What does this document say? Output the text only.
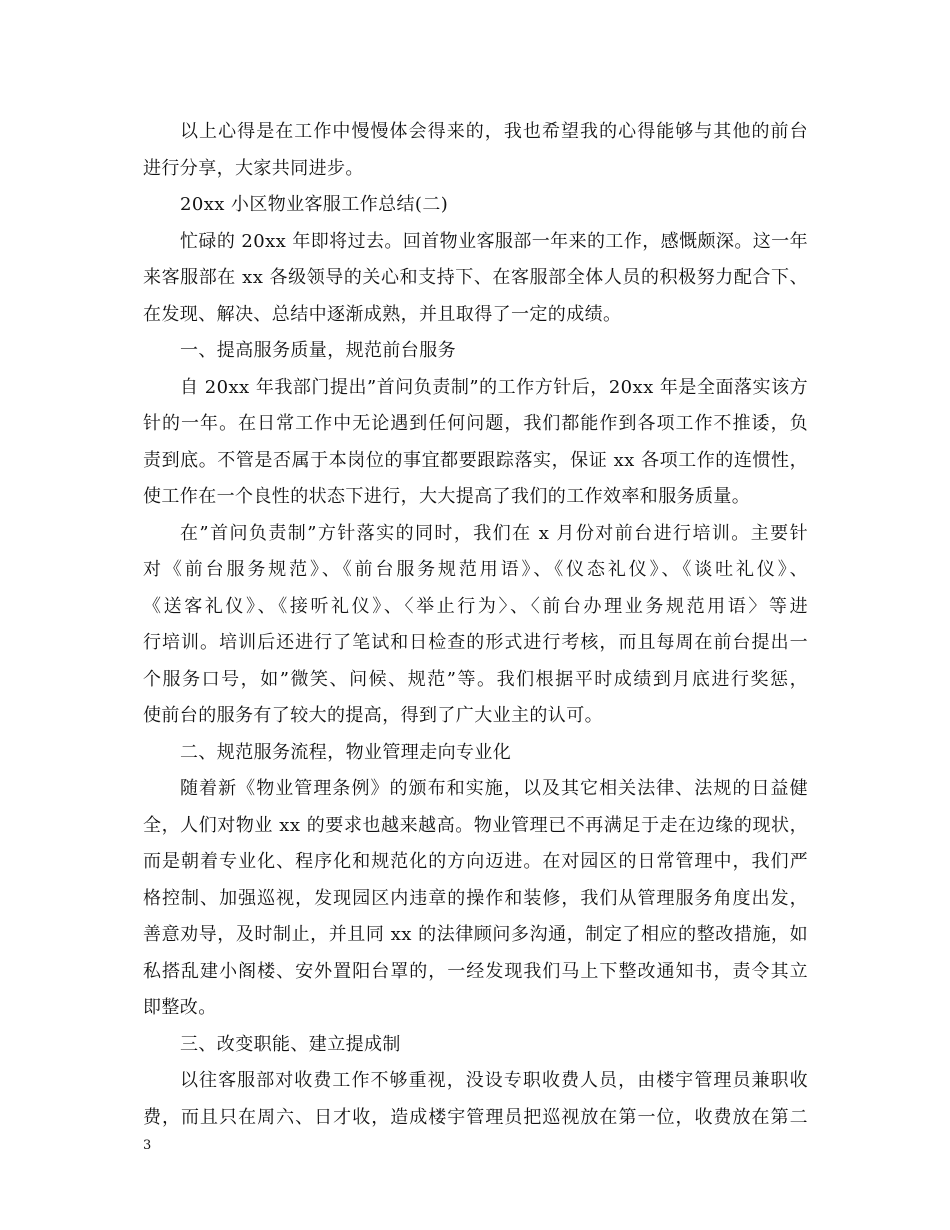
以上心得是在工作中慢慢体会得来的，我也希望我的心得能够与其他的前台
进行分享，大家共同进步。
20xx 小区物业客服工作总结(二)
忙碌的 20xx 年即将过去。回首物业客服部一年来的工作，感慨颇深。这一年
来客服部在 xx 各级领导的关心和支持下、在客服部全体人员的积极努力配合下、
在发现、解决、总结中逐渐成熟，并且取得了一定的成绩。
一、提高服务质量，规范前台服务
自 20xx 年我部门提出”首问负责制”的工作方针后，20xx 年是全面落实该方
针的一年。在日常工作中无论遇到任何问题，我们都能作到各项工作不推诿，负
责到底。不管是否属于本岗位的事宜都要跟踪落实，保证 xx 各项工作的连惯性，
使工作在一个良性的状态下进行，大大提高了我们的工作效率和服务质量。
在”首问负责制”方针落实的同时，我们在 x 月份对前台进行培训。主要针
对《前台服务规范》、《前台服务规范用语》、《仪态礼仪》、《谈吐礼仪》、
《送客礼仪》、《接听礼仪》、〈举止行为〉、〈前台办理业务规范用语〉等进
行培训。培训后还进行了笔试和日检查的形式进行考核，而且每周在前台提出一
个服务口号，如”微笑、问候、规范”等。我们根据平时成绩到月底进行奖惩，
使前台的服务有了较大的提高，得到了广大业主的认可。
二、规范服务流程，物业管理走向专业化
随着新《物业管理条例》的颁布和实施，以及其它相关法律、法规的日益健
全，人们对物业 xx 的要求也越来越高。物业管理已不再满足于走在边缘的现状，
而是朝着专业化、程序化和规范化的方向迈进。在对园区的日常管理中，我们严
格控制、加强巡视，发现园区内违章的操作和装修，我们从管理服务角度出发，
善意劝导，及时制止，并且同 xx 的法律顾问多沟通，制定了相应的整改措施，如
私搭乱建小阁楼、安外置阳台罩的，一经发现我们马上下整改通知书，责令其立
即整改。
三、改变职能、建立提成制
以往客服部对收费工作不够重视，没设专职收费人员，由楼宇管理员兼职收
费，而且只在周六、日才收，造成楼宇管理员把巡视放在第一位，收费放在第二
3
